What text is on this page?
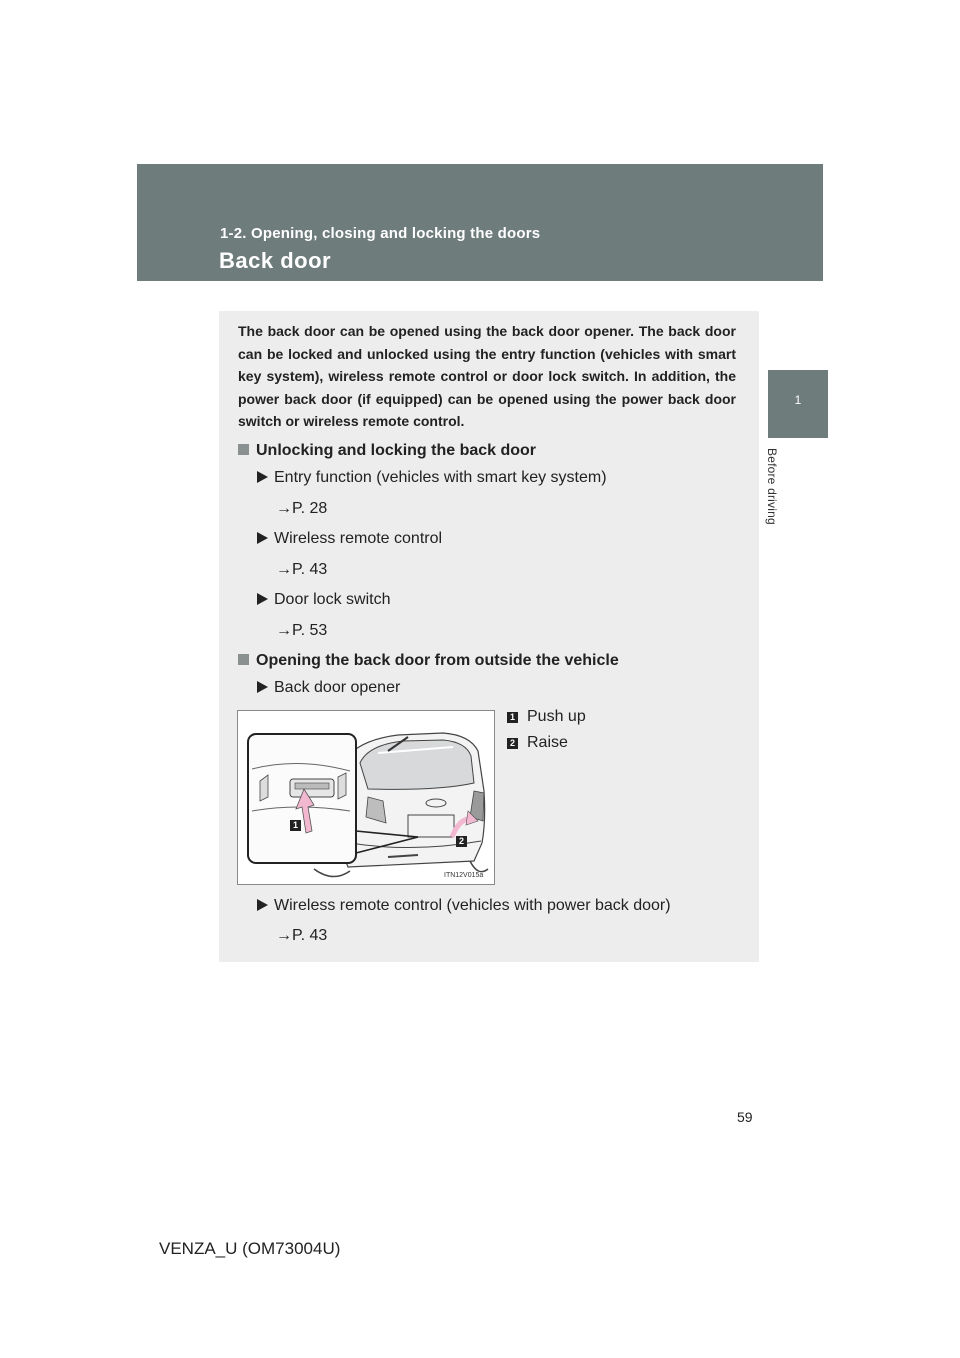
1-2. Opening, closing and locking the doors
Back door
1
Before driving

The back door can be opened using the back door opener. The back door can be locked and unlocked using the entry function (vehicles with smart key system), wireless remote control or door lock switch. In addition, the power back door (if equipped) can be opened using the power back door switch or wireless remote control.

Unlocking and locking the back door
Entry function (vehicles with smart key system)
→P. 28
Wireless remote control
→P. 43
Door lock switch
→P. 53
Opening the back door from outside the vehicle
Back door opener
1
2
ITN12V015a
1 Push up
2 Raise
Wireless remote control (vehicles with power back door)
→P. 43
59
VENZA_U (OM73004U)
